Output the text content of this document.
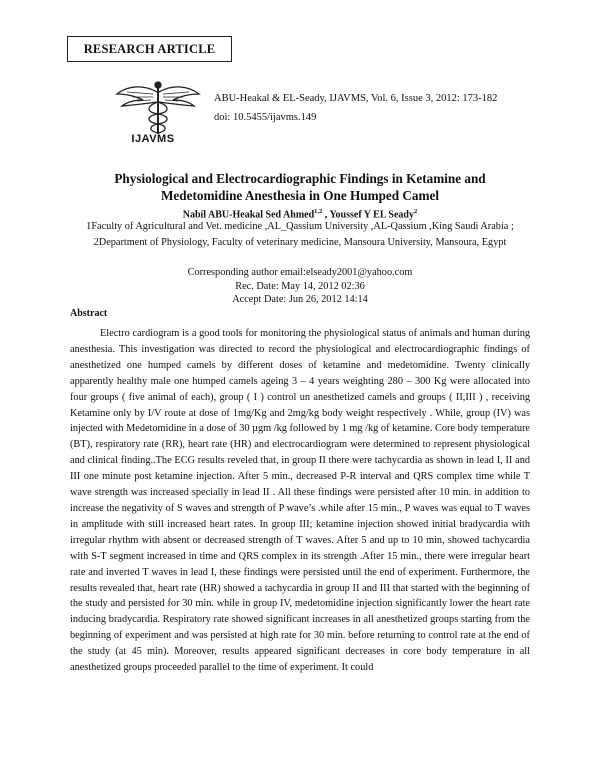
RESEARCH ARTICLE
IJAVMS
ABU-Heakal & EL-Seady, IJAVMS, Vol. 6, Issue 3, 2012: 173-182
doi: 10.5455/ijavms.149
Physiological and Electrocardiographic Findings in Ketamine and Medetomidine Anesthesia in One Humped Camel
Nabil ABU-Heakal Sed Ahmed$^{1,2}$ , Youssef Y EL Seady$^2$
1Faculty of Agricultural and Vet. medicine ,AL_Qassium University ,AL-Qassium ,King Saudi Arabia ; 2Department of Physiology, Faculty of veterinary medicine, Mansoura University, Mansoura, Egypt
Corresponding author email:elseady2001@yahoo.com
Rec. Date: May 14, 2012 02:36
Accept Date: Jun 26, 2012 14:14
Abstract

Electro cardiogram is a good tools for monitoring the physiological status of animals and human during anesthesia. This investigation was directed to record the physiological and electrocardiographic findings of anesthetized one humped camels by different doses of ketamine and medetomidine. Twenty clinically apparently healthy male one humped camels ageing 3 – 4 years weighting 280 – 300 Kg were allocated into four groups ( five animal of each), group ( I ) control un anesthetized camels and groups ( II,III ) , receiving Ketamine only by I/V route at dose of 1mg/Kg and 2mg/kg body weight respectively . While, group (IV) was injected with Medetomidine in a dose of 30 µgm /kg followed by 1 mg /kg of ketamine. Core body temperature (BT), respiratory rate (RR), heart rate (HR) and electrocardiogram were determined to represent physiological and clinical finding..The ECG results reveled that, in group II there were tachycardia as shown in lead I, II and III one minute post ketamine injection. After 5 min., decreased P-R interval and QRS complex time while T wave strength was increased specially in lead II . All these findings were persisted after 10 min. in addition to increase the negativity of S waves and strength of P wave’s .while after 15 min., P waves was equal to T waves in amplitude with still increased heart rates. In group III; ketamine injection showed initial bradycardia with irregular rhythm with absent or decreased strength of T waves. After 5 and up to 10 min, showed tachycardia with S-T segment increased in time and QRS complex in its strength .After 15 min., there were irregular heart rate and inverted T waves in lead I, these findings were persisted until the end of experiment. Furthermore, the results revealed that, heart rate (HR) showed a tachycardia in group II and III that started with the beginning of the study and persisted for 30 min. while in group IV, medetomidine injection significantly lower the heart rate inducing bradycardia. Respiratory rate showed significant increases in all anesthetized groups starting from the beginning of experiment and was persisted at high rate for 30 min. before returning to control rate at the end of the study (at 45 min). Moreover, results appeared significant decreases in core body temperature in all anesthetized groups proceeded parallel to the time of experiment. It could
